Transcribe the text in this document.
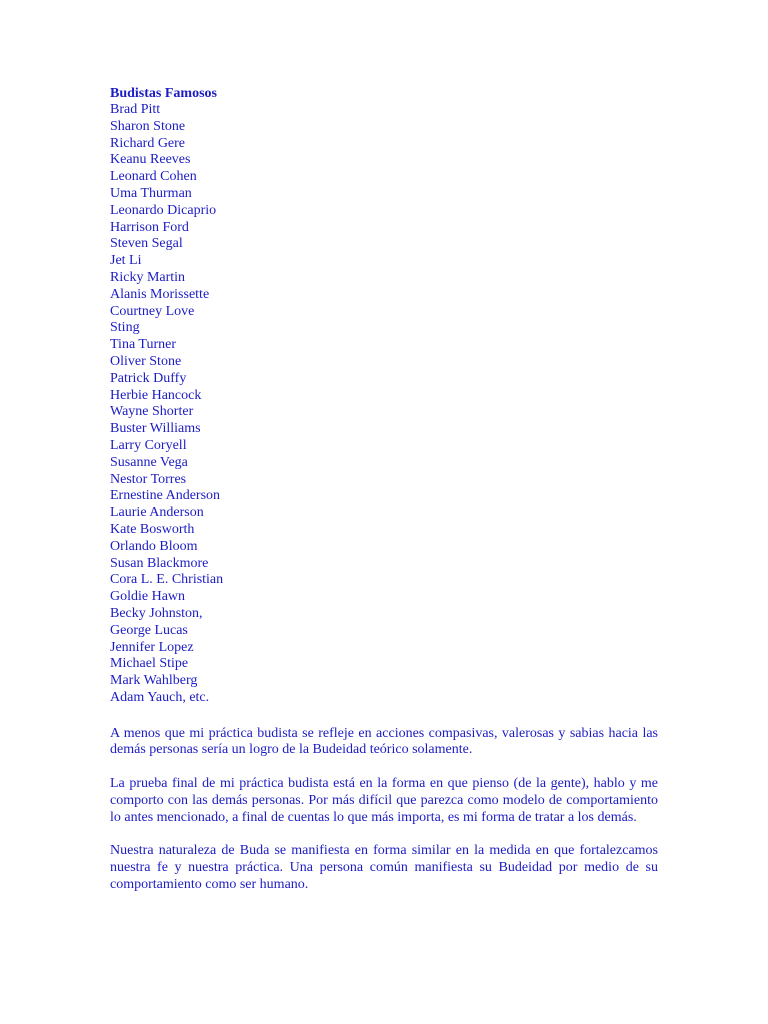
Budistas Famosos
Brad Pitt
Sharon Stone
Richard Gere
Keanu Reeves
Leonard Cohen
Uma Thurman
Leonardo Dicaprio
Harrison Ford
Steven Segal
Jet Li
Ricky Martin
Alanis Morissette
Courtney Love
Sting
Tina Turner
Oliver Stone
Patrick Duffy
Herbie Hancock
Wayne Shorter
Buster Williams
Larry Coryell
Susanne Vega
Nestor Torres
Ernestine Anderson
Laurie Anderson
Kate Bosworth
Orlando Bloom
Susan Blackmore
Cora L. E. Christian
Goldie Hawn
Becky Johnston,
George Lucas
Jennifer Lopez
Michael Stipe
Mark Wahlberg
Adam Yauch, etc.

A menos que mi práctica budista se refleje en acciones compasivas, valerosas y sabias hacia las demás personas sería un logro de la Budeidad teórico solamente.

La prueba final de mi práctica budista está en la forma en que pienso (de la gente), hablo y me comporto con las demás personas. Por más difícil que parezca como modelo de comportamiento lo antes mencionado, a final de cuentas lo que más importa, es mi forma de tratar a los demás.

Nuestra naturaleza de Buda se manifiesta en forma similar en la medida en que fortalezcamos nuestra fe y nuestra práctica. Una persona común manifiesta su Budeidad por medio de su comportamiento como ser humano.
